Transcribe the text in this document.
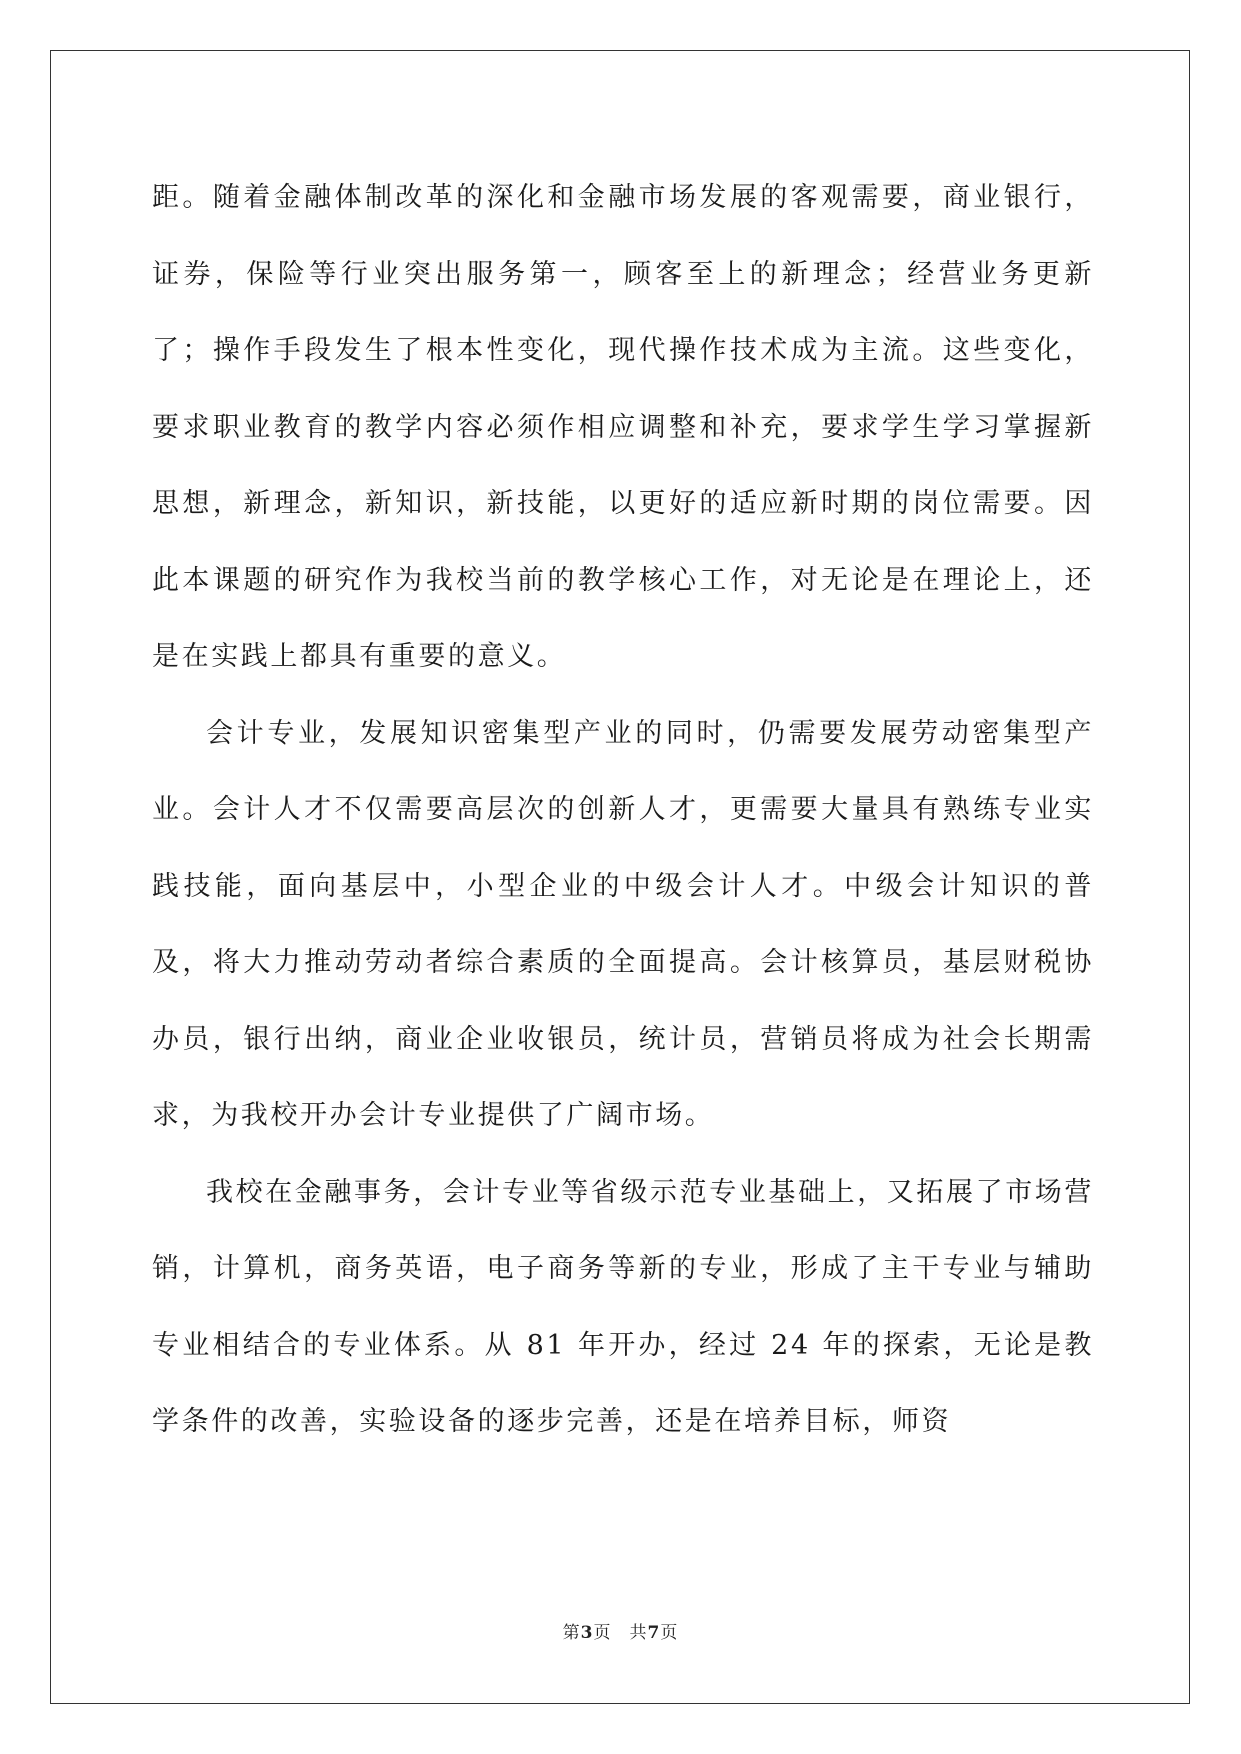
距。随着金融体制改革的深化和金融市场发展的客观需要，商业银行，证券，保险等行业突出服务第一，顾客至上的新理念；经营业务更新了；操作手段发生了根本性变化，现代操作技术成为主流。这些变化，要求职业教育的教学内容必须作相应调整和补充，要求学生学习掌握新思想，新理念，新知识，新技能，以更好的适应新时期的岗位需要。因此本课题的研究作为我校当前的教学核心工作，对无论是在理论上，还是在实践上都具有重要的意义。

会计专业，发展知识密集型产业的同时，仍需要发展劳动密集型产业。会计人才不仅需要高层次的创新人才，更需要大量具有熟练专业实践技能，面向基层中，小型企业的中级会计人才。中级会计知识的普及，将大力推动劳动者综合素质的全面提高。会计核算员，基层财税协办员，银行出纳，商业企业收银员，统计员，营销员将成为社会长期需求，为我校开办会计专业提供了广阔市场。

我校在金融事务，会计专业等省级示范专业基础上，又拓展了市场营销，计算机，商务英语，电子商务等新的专业，形成了主干专业与辅助专业相结合的专业体系。从 81 年开办，经过 24 年的探索，无论是教学条件的改善，实验设备的逐步完善，还是在培养目标，师资

第3页 共7页
